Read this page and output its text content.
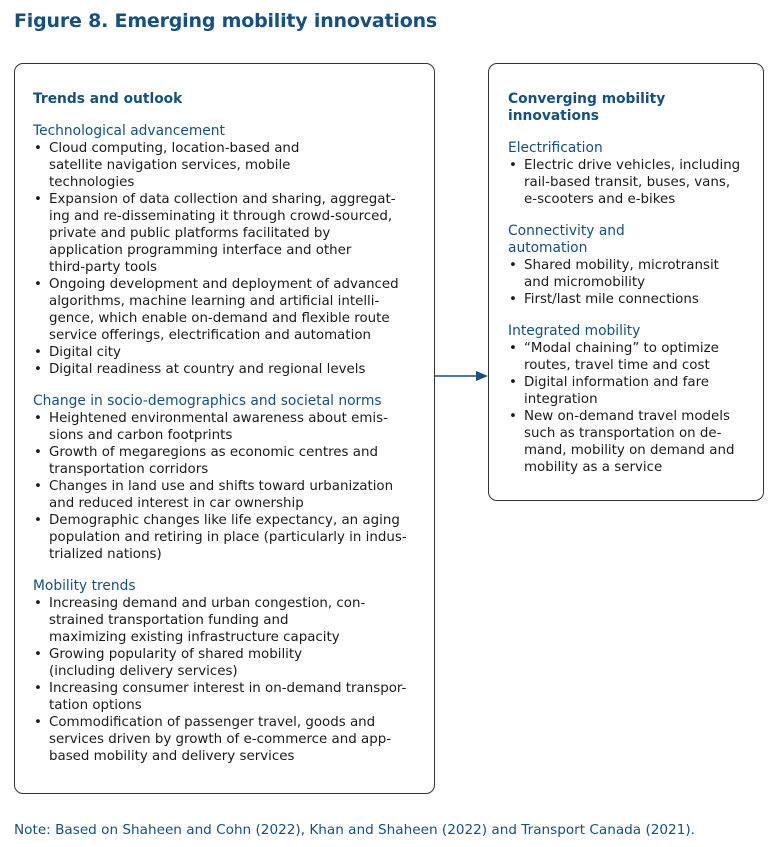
Figure 8. Emerging mobility innovations
Trends and outlook
Technological advancement
• Cloud computing, location-based and
satellite navigation services, mobile
technologies
• Expansion of data collection and sharing, aggregat-
ing and re-disseminating it through crowd-sourced,
private and public platforms facilitated by
application programming interface and other
third-party tools
• Ongoing development and deployment of advanced
algorithms, machine learning and artificial intelli-
gence, which enable on-demand and flexible route
service offerings, electrification and automation
• Digital city
• Digital readiness at country and regional levels
Change in socio-demographics and societal norms
• Heightened environmental awareness about emis-
sions and carbon footprints
• Growth of megaregions as economic centres and
transportation corridors
• Changes in land use and shifts toward urbanization
and reduced interest in car ownership
• Demographic changes like life expectancy, an aging
population and retiring in place (particularly in indus-
trialized nations)
Mobility trends
• Increasing demand and urban congestion, con-
strained transportation funding and
maximizing existing infrastructure capacity
• Growing popularity of shared mobility
(including delivery services)
• Increasing consumer interest in on-demand transpor-
tation options
• Commodification of passenger travel, goods and
services driven by growth of e-commerce and app-
based mobility and delivery services
Converging mobility
innovations
Electrification
• Electric drive vehicles, including
rail-based transit, buses, vans,
e-scooters and e-bikes
Connectivity and
automation
• Shared mobility, microtransit
and micromobility
• First/last mile connections
Integrated mobility
• “Modal chaining” to optimize
routes, travel time and cost
• Digital information and fare
integration
• New on-demand travel models
such as transportation on de-
mand, mobility on demand and
mobility as a service

Note: Based on Shaheen and Cohn (2022), Khan and Shaheen (2022) and Transport Canada (2021).
